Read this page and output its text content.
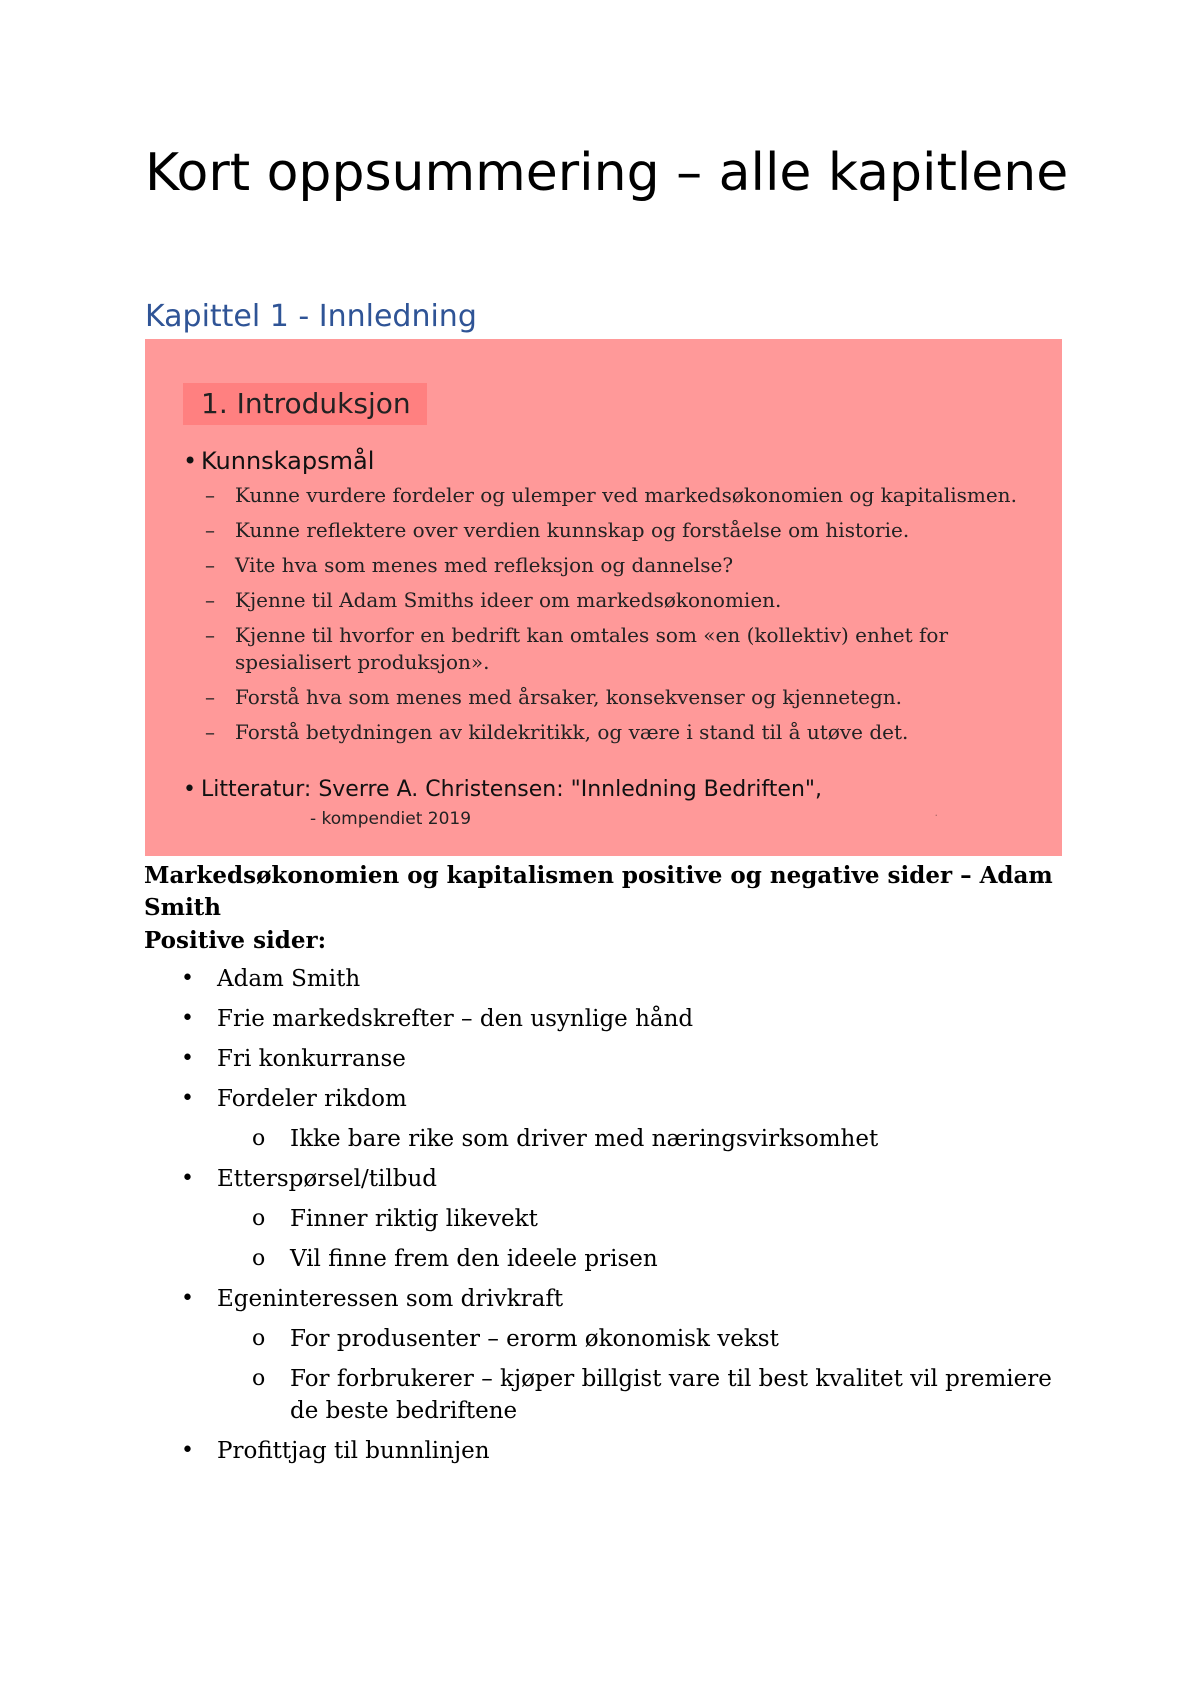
Kort oppsummering – alle kapitlene
Kapittel 1 - Innledning
1. Introduksjon
• Kunnskapsmål
– Kunne vurdere fordeler og ulemper ved markedsøkonomien og kapitalismen.
– Kunne reflektere over verdien kunnskap og forståelse om historie.
– Vite hva som menes med refleksjon og dannelse?
– Kjenne til Adam Smiths ideer om markedsøkonomien.
– Kjenne til hvorfor en bedrift kan omtales som «en (kollektiv) enhet for spesialisert produksjon».
– Forstå hva som menes med årsaker, konsekvenser og kjennetegn.
– Forstå betydningen av kildekritikk, og være i stand til å utøve det.
• Litteratur: Sverre A. Christensen: "Innledning Bedriften",
- kompendiet 2019	·

Markedsøkonomien og kapitalismen positive og negative sider – Adam Smith

Positive sider:

• Adam Smith
• Frie markedskrefter – den usynlige hånd
• Fri konkurranse
• Fordeler rikdom
o Ikke bare rike som driver med næringsvirksomhet
• Etterspørsel/tilbud
o Finner riktig likevekt
o Vil finne frem den ideele prisen
• Egeninteressen som drivkraft
o For produsenter – erorm økonomisk vekst
o For forbrukerer – kjøper billgist vare til best kvalitet vil premiere de beste bedriftene
• Profittjag til bunnlinjen
